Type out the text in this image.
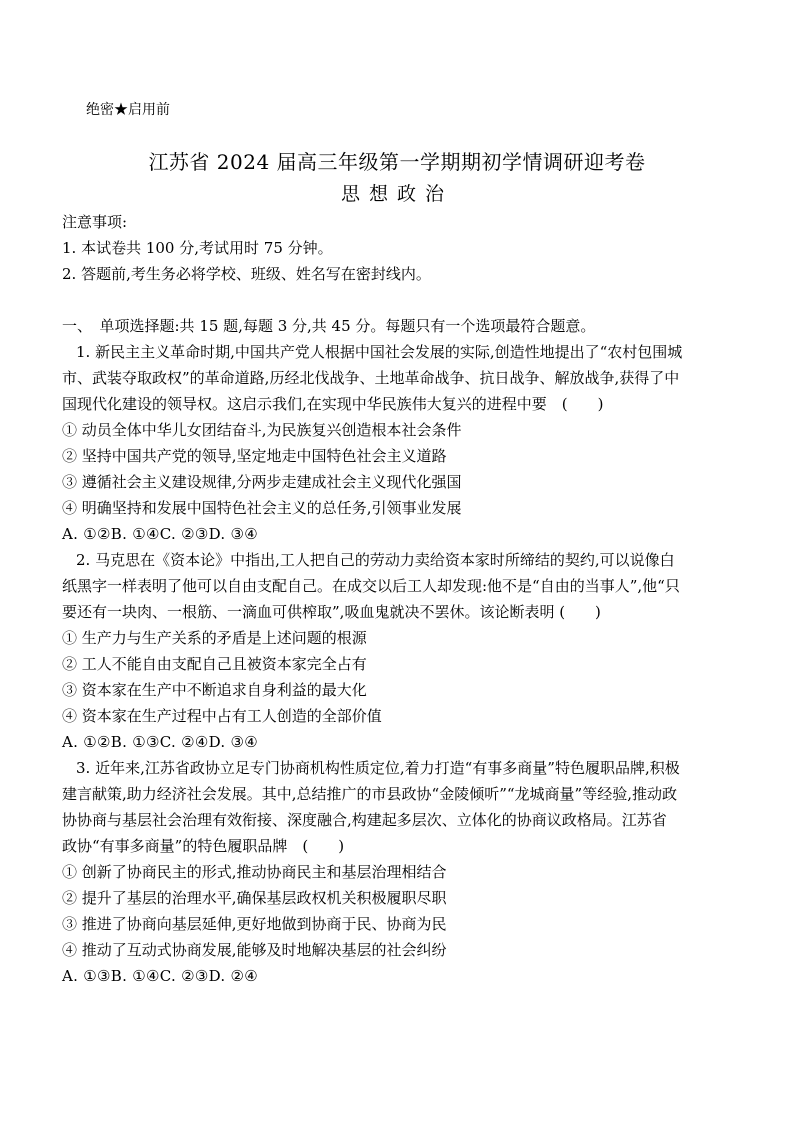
绝密★启用前
江苏省 2024 届高三年级第一学期期初学情调研迎考卷
思想政治

注意事项:

1. 本试卷共 100 分,考试用时 75 分钟。

2. 答题前,考生务必将学校、班级、姓名写在密封线内。

一、　单项选择题:共 15 题,每题 3 分,共 45 分。每题只有一个选项最符合题意。

1. 新民主主义革命时期,中国共产党人根据中国社会发展的实际,创造性地提出了“农村包围城

市、武装夺取政权”的革命道路,历经北伐战争、土地革命战争、抗日战争、解放战争,获得了中

国现代化建设的领导权。这启示我们,在实现中华民族伟大复兴的进程中要　(　　)

① 动员全体中华儿女团结奋斗,为民族复兴创造根本社会条件

② 坚持中国共产党的领导,坚定地走中国特色社会主义道路

③ 遵循社会主义建设规律,分两步走建成社会主义现代化强国

④ 明确坚持和发展中国特色社会主义的总任务,引领事业发展

A. ①②B. ①④C. ②③D. ③④

2. 马克思在《资本论》中指出,工人把自己的劳动力卖给资本家时所缔结的契约,可以说像白

纸黑字一样表明了他可以自由支配自己。在成交以后工人却发现:他不是“自由的当事人”,他“只

要还有一块肉、一根筋、一滴血可供榨取”,吸血鬼就决不罢休。该论断表明 (　　)

① 生产力与生产关系的矛盾是上述问题的根源

② 工人不能自由支配自己且被资本家完全占有

③ 资本家在生产中不断追求自身利益的最大化

④ 资本家在生产过程中占有工人创造的全部价值

A. ①②B. ①③C. ②④D. ③④

3. 近年来,江苏省政协立足专门协商机构性质定位,着力打造“有事多商量”特色履职品牌,积极

建言献策,助力经济社会发展。其中,总结推广的市县政协“金陵倾听”“龙城商量”等经验,推动政

协协商与基层社会治理有效衔接、深度融合,构建起多层次、立体化的协商议政格局。江苏省

政协“有事多商量”的特色履职品牌　(　　)

① 创新了协商民主的形式,推动协商民主和基层治理相结合

② 提升了基层的治理水平,确保基层政权机关积极履职尽职

③ 推进了协商向基层延伸,更好地做到协商于民、协商为民

④ 推动了互动式协商发展,能够及时地解决基层的社会纠纷

A. ①③B. ①④C. ②③D. ②④
